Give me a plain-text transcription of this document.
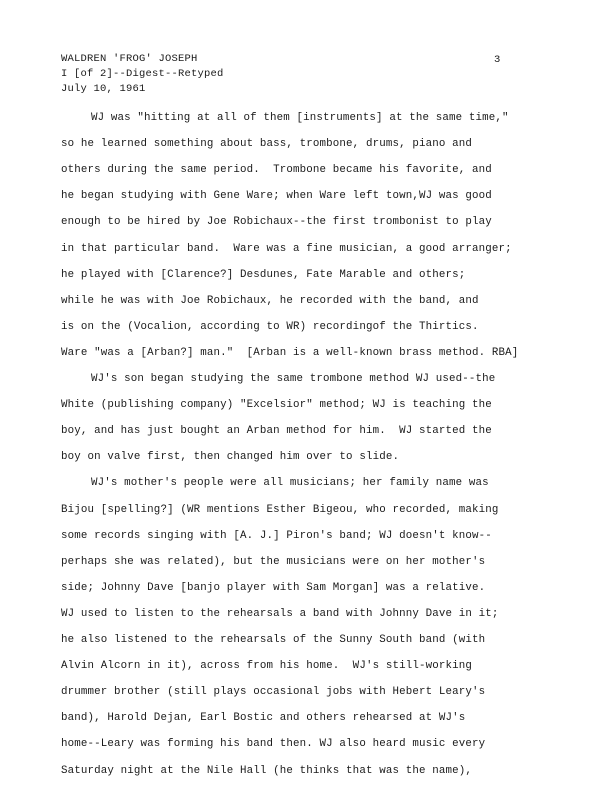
WALDREN 'FROG' JOSEPH
I [of 2]--Digest--Retyped
July 10, 1961
3
WJ was "hitting at all of them [instruments] at the same time,"
so he learned something about bass, trombone, drums, piano and
others during the same period.  Trombone became his favorite, and
he began studying with Gene Ware; when Ware left town,WJ was good
enough to be hired by Joe Robichaux--the first trombonist to play
in that particular band.  Ware was a fine musician, a good arranger;
he played with [Clarence?] Desdunes, Fate Marable and others;
while he was with Joe Robichaux, he recorded with the band, and
is on the (Vocalion, according to WR) recordingof the Thirtics.
Ware "was a [Arban?] man."  [Arban is a well-known brass method. RBA]
WJ's son began studying the same trombone method WJ used--the
White (publishing company) "Excelsior" method; WJ is teaching the
boy, and has just bought an Arban method for him.  WJ started the
boy on valve first, then changed him over to slide.
WJ's mother's people were all musicians; her family name was
Bijou [spelling?] (WR mentions Esther Bigeou, who recorded, making
some records singing with [A. J.] Piron's band; WJ doesn't know--
perhaps she was related), but the musicians were on her mother's
side; Johnny Dave [banjo player with Sam Morgan] was a relative.
WJ used to listen to the rehearsals a band with Johnny Dave in it;
he also listened to the rehearsals of the Sunny South band (with
Alvin Alcorn in it), across from his home.  WJ's still-working
drummer brother (still plays occasional jobs with Hebert Leary's
band), Harold Dejan, Earl Bostic and others rehearsed at WJ's
home--Leary was forming his band then. WJ also heard music every
Saturday night at the Nile Hall (he thinks that was the name),
